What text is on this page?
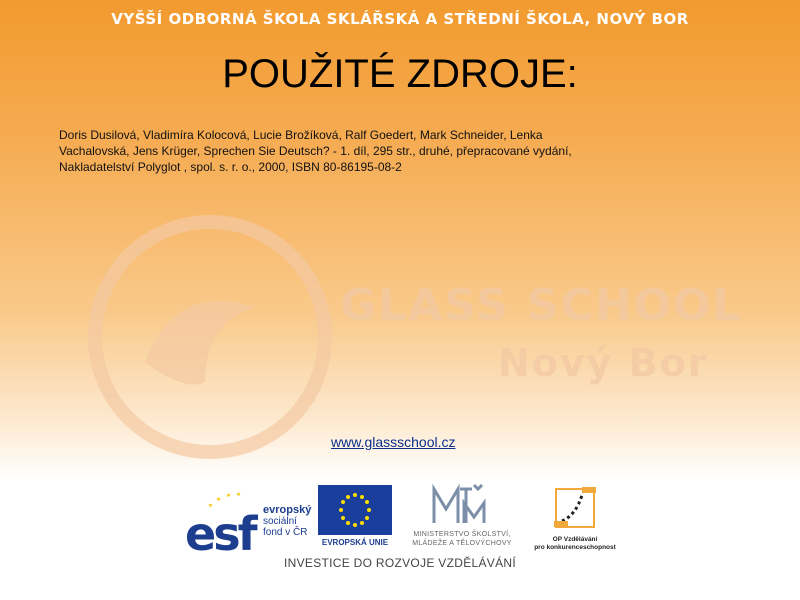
VYŠŠÍ ODBORNÁ ŠKOLA SKLÁŘSKÁ A STŘEDNÍ ŠKOLA, NOVÝ BOR
POUŽITÉ ZDROJE:
Doris Dusilová, Vladimíra Kolocová, Lucie Brožíková, Ralf Goedert, Mark Schneider, Lenka Vachalovská, Jens Krüger, Sprechen Sie Deutsch? - 1. díl, 295 str., druhé, přepracované vydání, Nakladatelství Polyglot , spol. s. r. o., 2000, ISBN 80-86195-08-2
GLASS SCHOOL
Nový Bor
www.glassschool.cz
esf evropský
sociální
fond v ČR
EVROPSKÁ UNIE
MINISTERSTVO ŠKOLSTVÍ,
MLÁDEŽE A TĚLOVÝCHOVY
OP Vzdělávání
pro konkurenceschopnost
INVESTICE DO ROZVOJE VZDĚLÁVÁNÍ
